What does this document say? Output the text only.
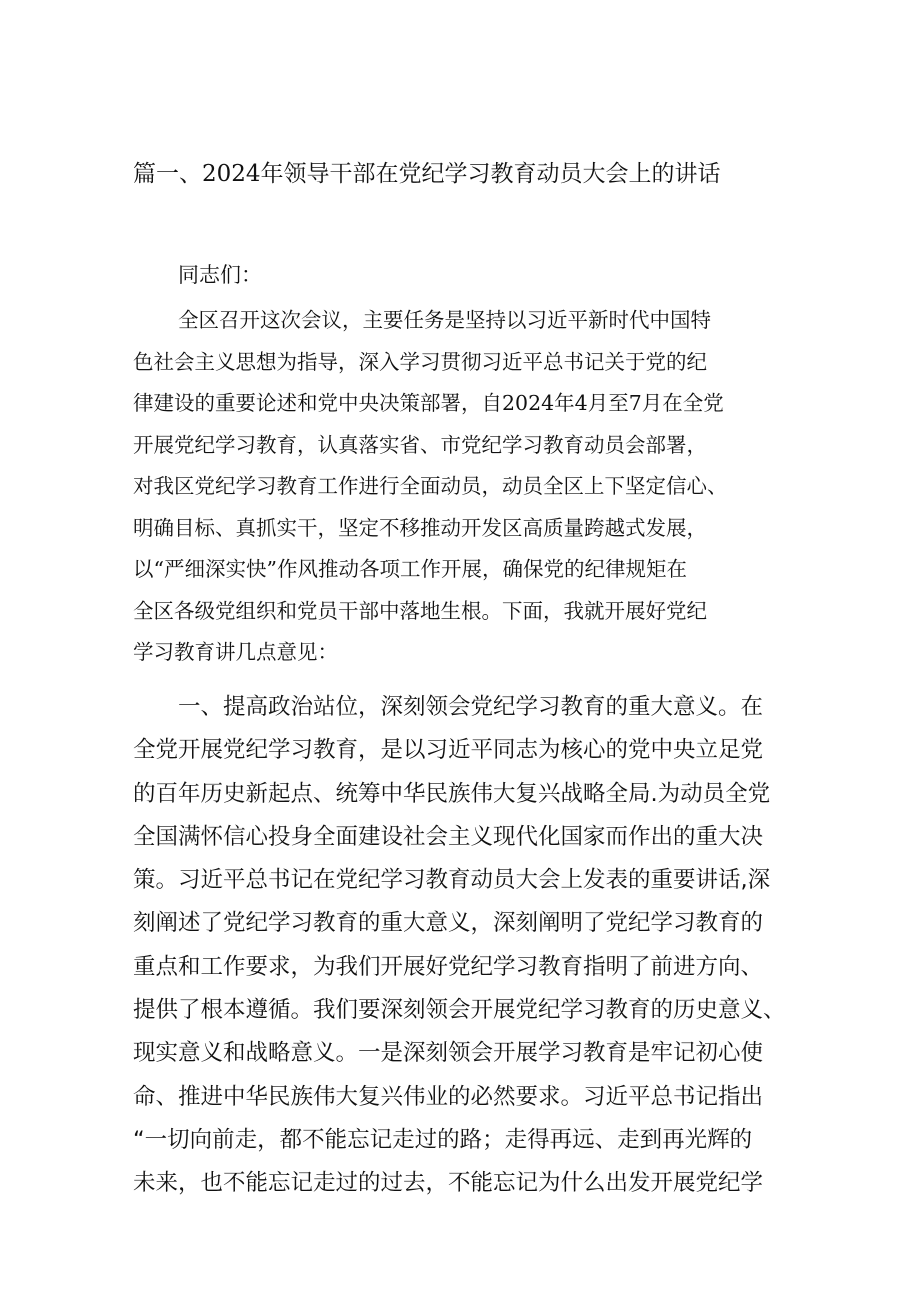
篇一、2024年领导干部在党纪学习教育动员大会上的讲话
同志们：
全区召开这次会议，主要任务是坚持以习近平新时代中国特
色社会主义思想为指导，深入学习贯彻习近平总书记关于党的纪
律建设的重要论述和党中央决策部署，自2024年4月至7月在全党
开展党纪学习教育，认真落实省、市党纪学习教育动员会部署，
对我区党纪学习教育工作进行全面动员，动员全区上下坚定信心、
明确目标、真抓实干，坚定不移推动开发区高质量跨越式发展，
以“严细深实快”作风推动各项工作开展，确保党的纪律规矩在
全区各级党组织和党员干部中落地生根。下面，我就开展好党纪
学习教育讲几点意见：
一、提高政治站位，深刻领会党纪学习教育的重大意义。在
全党开展党纪学习教育，是以习近平同志为核心的党中央立足党
的百年历史新起点、统筹中华民族伟大复兴战略全局.为动员全党
全国满怀信心投身全面建设社会主义现代化国家而作出的重大决
策。习近平总书记在党纪学习教育动员大会上发表的重要讲话,深
刻阐述了党纪学习教育的重大意义，深刻阐明了党纪学习教育的
重点和工作要求，为我们开展好党纪学习教育指明了前进方向、
提供了根本遵循。我们要深刻领会开展党纪学习教育的历史意义、
现实意义和战略意义。一是深刻领会开展学习教育是牢记初心使
命、推进中华民族伟大复兴伟业的必然要求。习近平总书记指出
“一切向前走，都不能忘记走过的路；走得再远、走到再光辉的
未来，也不能忘记走过的过去，不能忘记为什么出发开展党纪学
